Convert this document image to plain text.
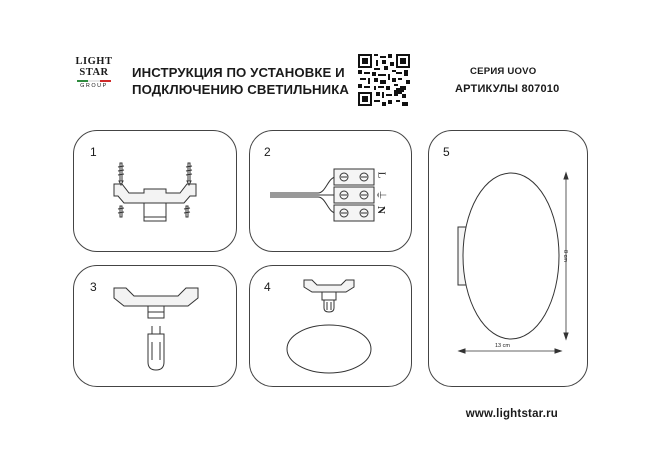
LIGHT
STAR
GROUP
ИНСТРУКЦИЯ ПО УСТАНОВКЕ И
ПОДКЛЮЧЕНИЮ СВЕТИЛЬНИКА
СЕРИЯ UOVO
АРТИКУЛЫ 807010
1	2
L
⏚
N
3	4
5
8 cm
13 cm
www.lightstar.ru
